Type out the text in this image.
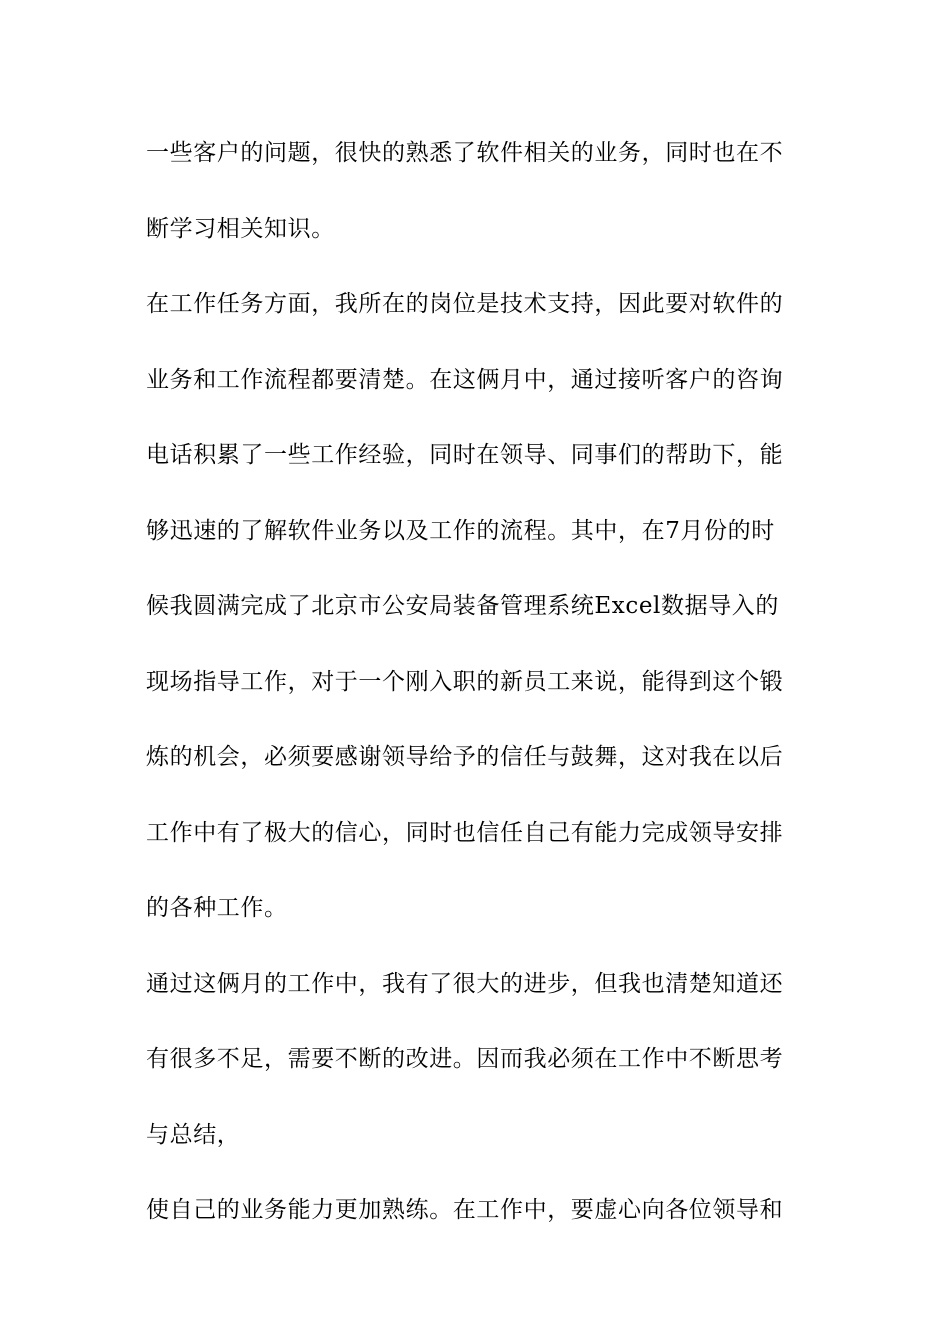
一些客户的问题，很快的熟悉了软件相关的业务，同时也在不
断学习相关知识。
在工作任务方面，我所在的岗位是技术支持，因此要对软件的
业务和工作流程都要清楚。在这俩月中，通过接听客户的咨询
电话积累了一些工作经验，同时在领导、同事们的帮助下，能
够迅速的了解软件业务以及工作的流程。其中，在7月份的时
候我圆满完成了北京市公安局装备管理系统Excel数据导入的
现场指导工作，对于一个刚入职的新员工来说，能得到这个锻
炼的机会，必须要感谢领导给予的信任与鼓舞，这对我在以后
工作中有了极大的信心，同时也信任自己有能力完成领导安排
的各种工作。
通过这俩月的工作中，我有了很大的进步，但我也清楚知道还
有很多不足，需要不断的改进。因而我必须在工作中不断思考
与总结，
使自己的业务能力更加熟练。在工作中，要虚心向各位领导和
